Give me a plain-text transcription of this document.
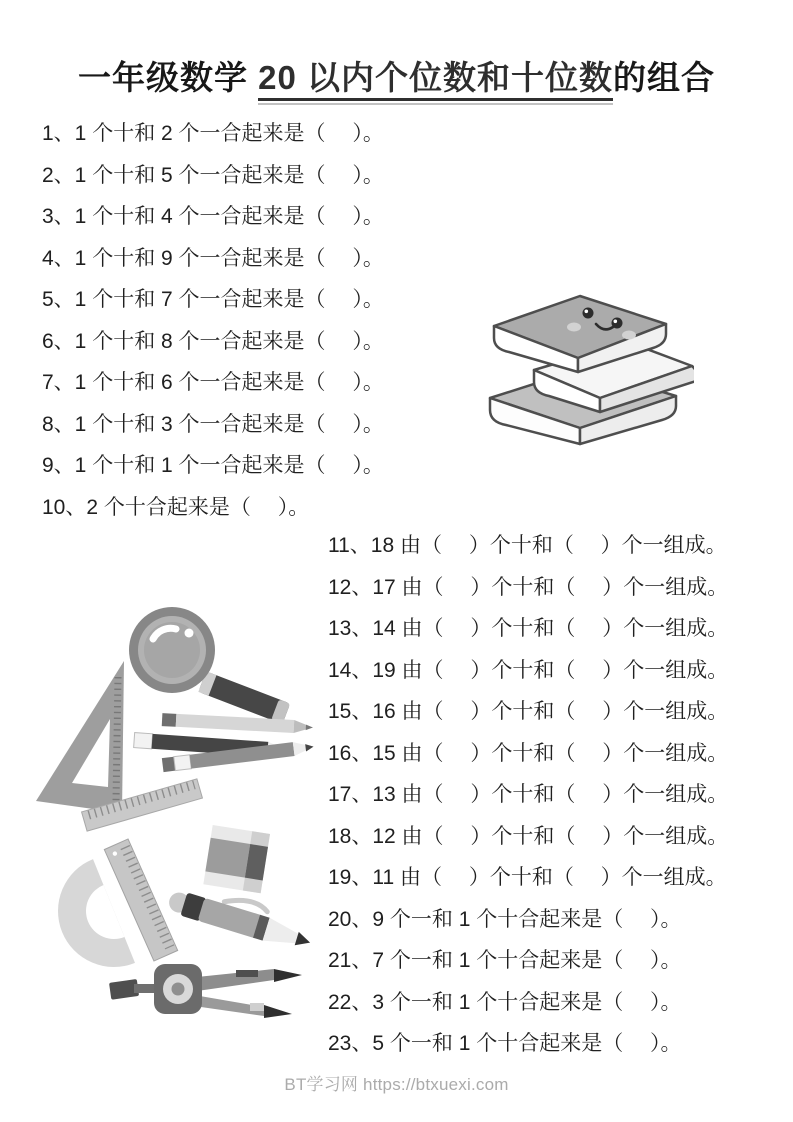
一年级数学 20 以内个位数和十位数的组合
1、1 个十和 2 个一合起来是（　 ）。
2、1 个十和 5 个一合起来是（　 ）。
3、1 个十和 4 个一合起来是（　 ）。
4、1 个十和 9 个一合起来是（　 ）。
5、1 个十和 7 个一合起来是（　 ）。
6、1 个十和 8 个一合起来是（　 ）。
7、1 个十和 6 个一合起来是（　 ）。
8、1 个十和 3 个一合起来是（　 ）。
9、1 个十和 1 个一合起来是（　 ）。
10、2 个十合起来是（　 ）。
11、18 由（　 ）个十和（　 ）个一组成。
12、17 由（　 ）个十和（　 ）个一组成。
13、14 由（　 ）个十和（　 ）个一组成。
14、19 由（　 ）个十和（　 ）个一组成。
15、16 由（　 ）个十和（　 ）个一组成。
16、15 由（　 ）个十和（　 ）个一组成。
17、13 由（　 ）个十和（　 ）个一组成。
18、12 由（　 ）个十和（　 ）个一组成。
19、11 由（　 ）个十和（　 ）个一组成。
20、9 个一和 1 个十合起来是（　 ）。
21、7 个一和 1 个十合起来是（　 ）。
22、3 个一和 1 个十合起来是（　 ）。
23、5 个一和 1 个十合起来是（　 ）。
BT学习网 https://btxuexi.com
